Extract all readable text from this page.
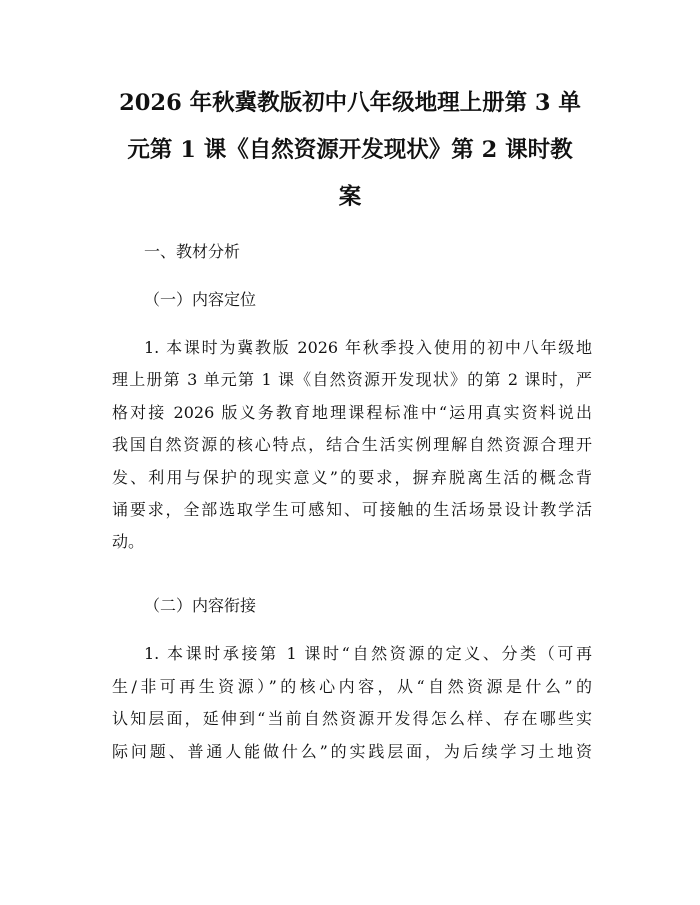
2026 年秋冀教版初中八年级地理上册第 3 单
元第 1 课《自然资源开发现状》第 2 课时教
案
一、教材分析
（一）内容定位
1. 本课时为冀教版 2026 年秋季投入使用的初中八年级地
理上册第 3 单元第 1 课《自然资源开发现状》的第 2 课时，严
格对接 2026 版义务教育地理课程标准中“运用真实资料说出
我国自然资源的核心特点，结合生活实例理解自然资源合理开
发、利用与保护的现实意义”的要求，摒弃脱离生活的概念背
诵要求，全部选取学生可感知、可接触的生活场景设计教学活
动。
（二）内容衔接
1. 本课时承接第 1 课时“自然资源的定义、分类（可再
生/非可再生资源）”的核心内容，从“自然资源是什么”的
认知层面，延伸到“当前自然资源开发得怎么样、存在哪些实
际问题、普通人能做什么”的实践层面，为后续学习土地资
